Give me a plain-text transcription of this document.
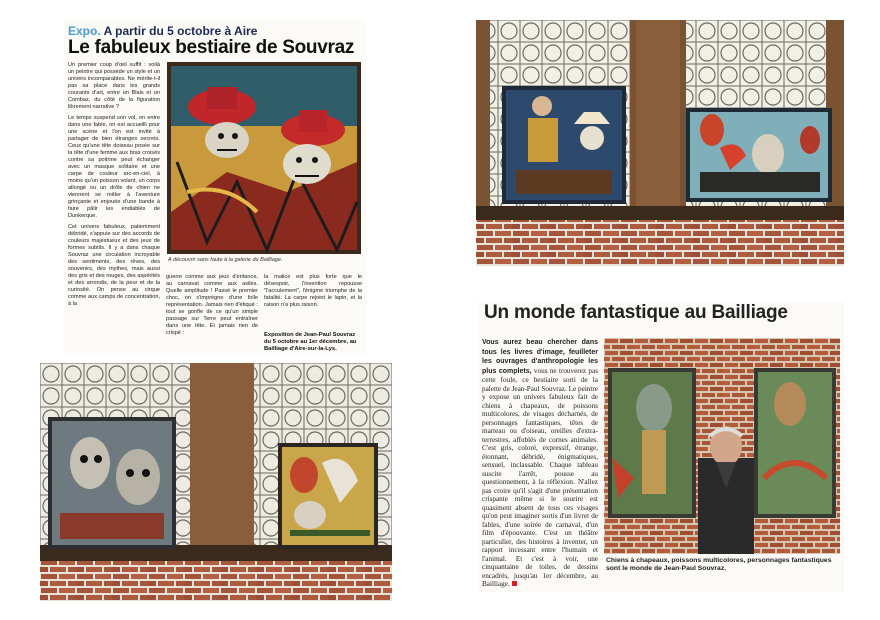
Expo. A partir du 5 octobre à Aire
Le fabuleux bestiaire de Souvraz

Un premier coup d'œil suffit : voilà un peintre qui possède un style et un univers incomparables. Ne mérite-t-il pas sa place dans les grands courants d'art, entre un Blais et un Combaz, du côté de la figuration librement narrative ?

Le temps suspend son vol, on entre dans une fable, on est accueilli pour une scène et l'on est invité à partager de bien étranges secrets. Ceux qu'une tête doiseau posée sur la tête d'une femme aux bras croisés contre sa poitrine peut échanger avec un masque solitaire et une carpe de couleur arc-en-ciel, à moins qu'un poisson volant, un corps allongé ou un drôle de chien ne viennent se mêler à l'aventure grinçante et enjouée d'une bande à faire pâlir les endiablés de Dunkerque.

Cet univers fabuleux, patiemment débridé, s'appuie sur des accords de couleurs majestueux et des jeux de formes subtils. Il y a dans chaque Souvraz une circulation incroyable des sentiments, des rêves, des souvenirs, des mythes, mais aussi des gris et des rouges, des aspérités et des arrondis, de la peur et de la curiosité. On pense au cirque comme aux camps de concentration, à la

A découvrir sans faute à la galerie du Bailliage.
guerre comme aux jeux d'enfance, au carnaval comme aux asiles. Quelle amplitude ! Passé le premier choc, on s'imprègne d'une folle représentation. Jamais rien d'étiqué : tout se gonfle de ce qu'un simple passage sur Terre peut entraîner dans une tête. Et jamais rien de crispé :
la malice est plus forte que le désespoir, l'invention repousse "l'acculement", l'énigme triomphe de la fatalité. La carpe rejoint le lapin, et la raison n'a plus raison.
Exposition de Jean-Paul Souvraz du 5 octobre au 1er décembre, au Bailliage d'Aire-sur-la-Lys.
Un monde fantastique au Bailliage
Vous aurez beau chercher dans tous les livres d'image, feuilleter les ouvrages d'anthropologie les plus complets, vous ne trouverez pas cette foule, ce bestiaire sorti de la palette de Jean-Paul Souvraz. Le peintre y expose un univers fabuleux fait de chiens à chapeaux, de poissons multicolores, de visages décharnés, de personnages fantastiques, têtes de marteau ou d'oiseau, oreilles d'extra-terrestres, affublés de cornes animales. C'est gris, coloré, expressif, étrange, étonnant, débridé, énigmatiques, sensuel, inclassable. Chaque tableau suscite l'arrêt, pousse au questionnement, à la réflexion. N'allez pas croire qu'il s'agit d'une présentation crispante même si le sourire est quasiment absent de tous ces visages qu'on peut imaginer sortis d'un livret de fables, d'une soirée de carnaval, d'un film d'épouvante. C'est un théâtre particulier, des histoires à inventer, un rapport incessant entre l'humain et l'animal. Et c'est à voir, une cinquantaine de toiles, de dessins encadrés, jusqu'au 1er décembre, au Bailliage.
Chiens à chapeaux, poissons multicolores, personnages fantastiques sont le monde de Jean-Paul Souvraz.
